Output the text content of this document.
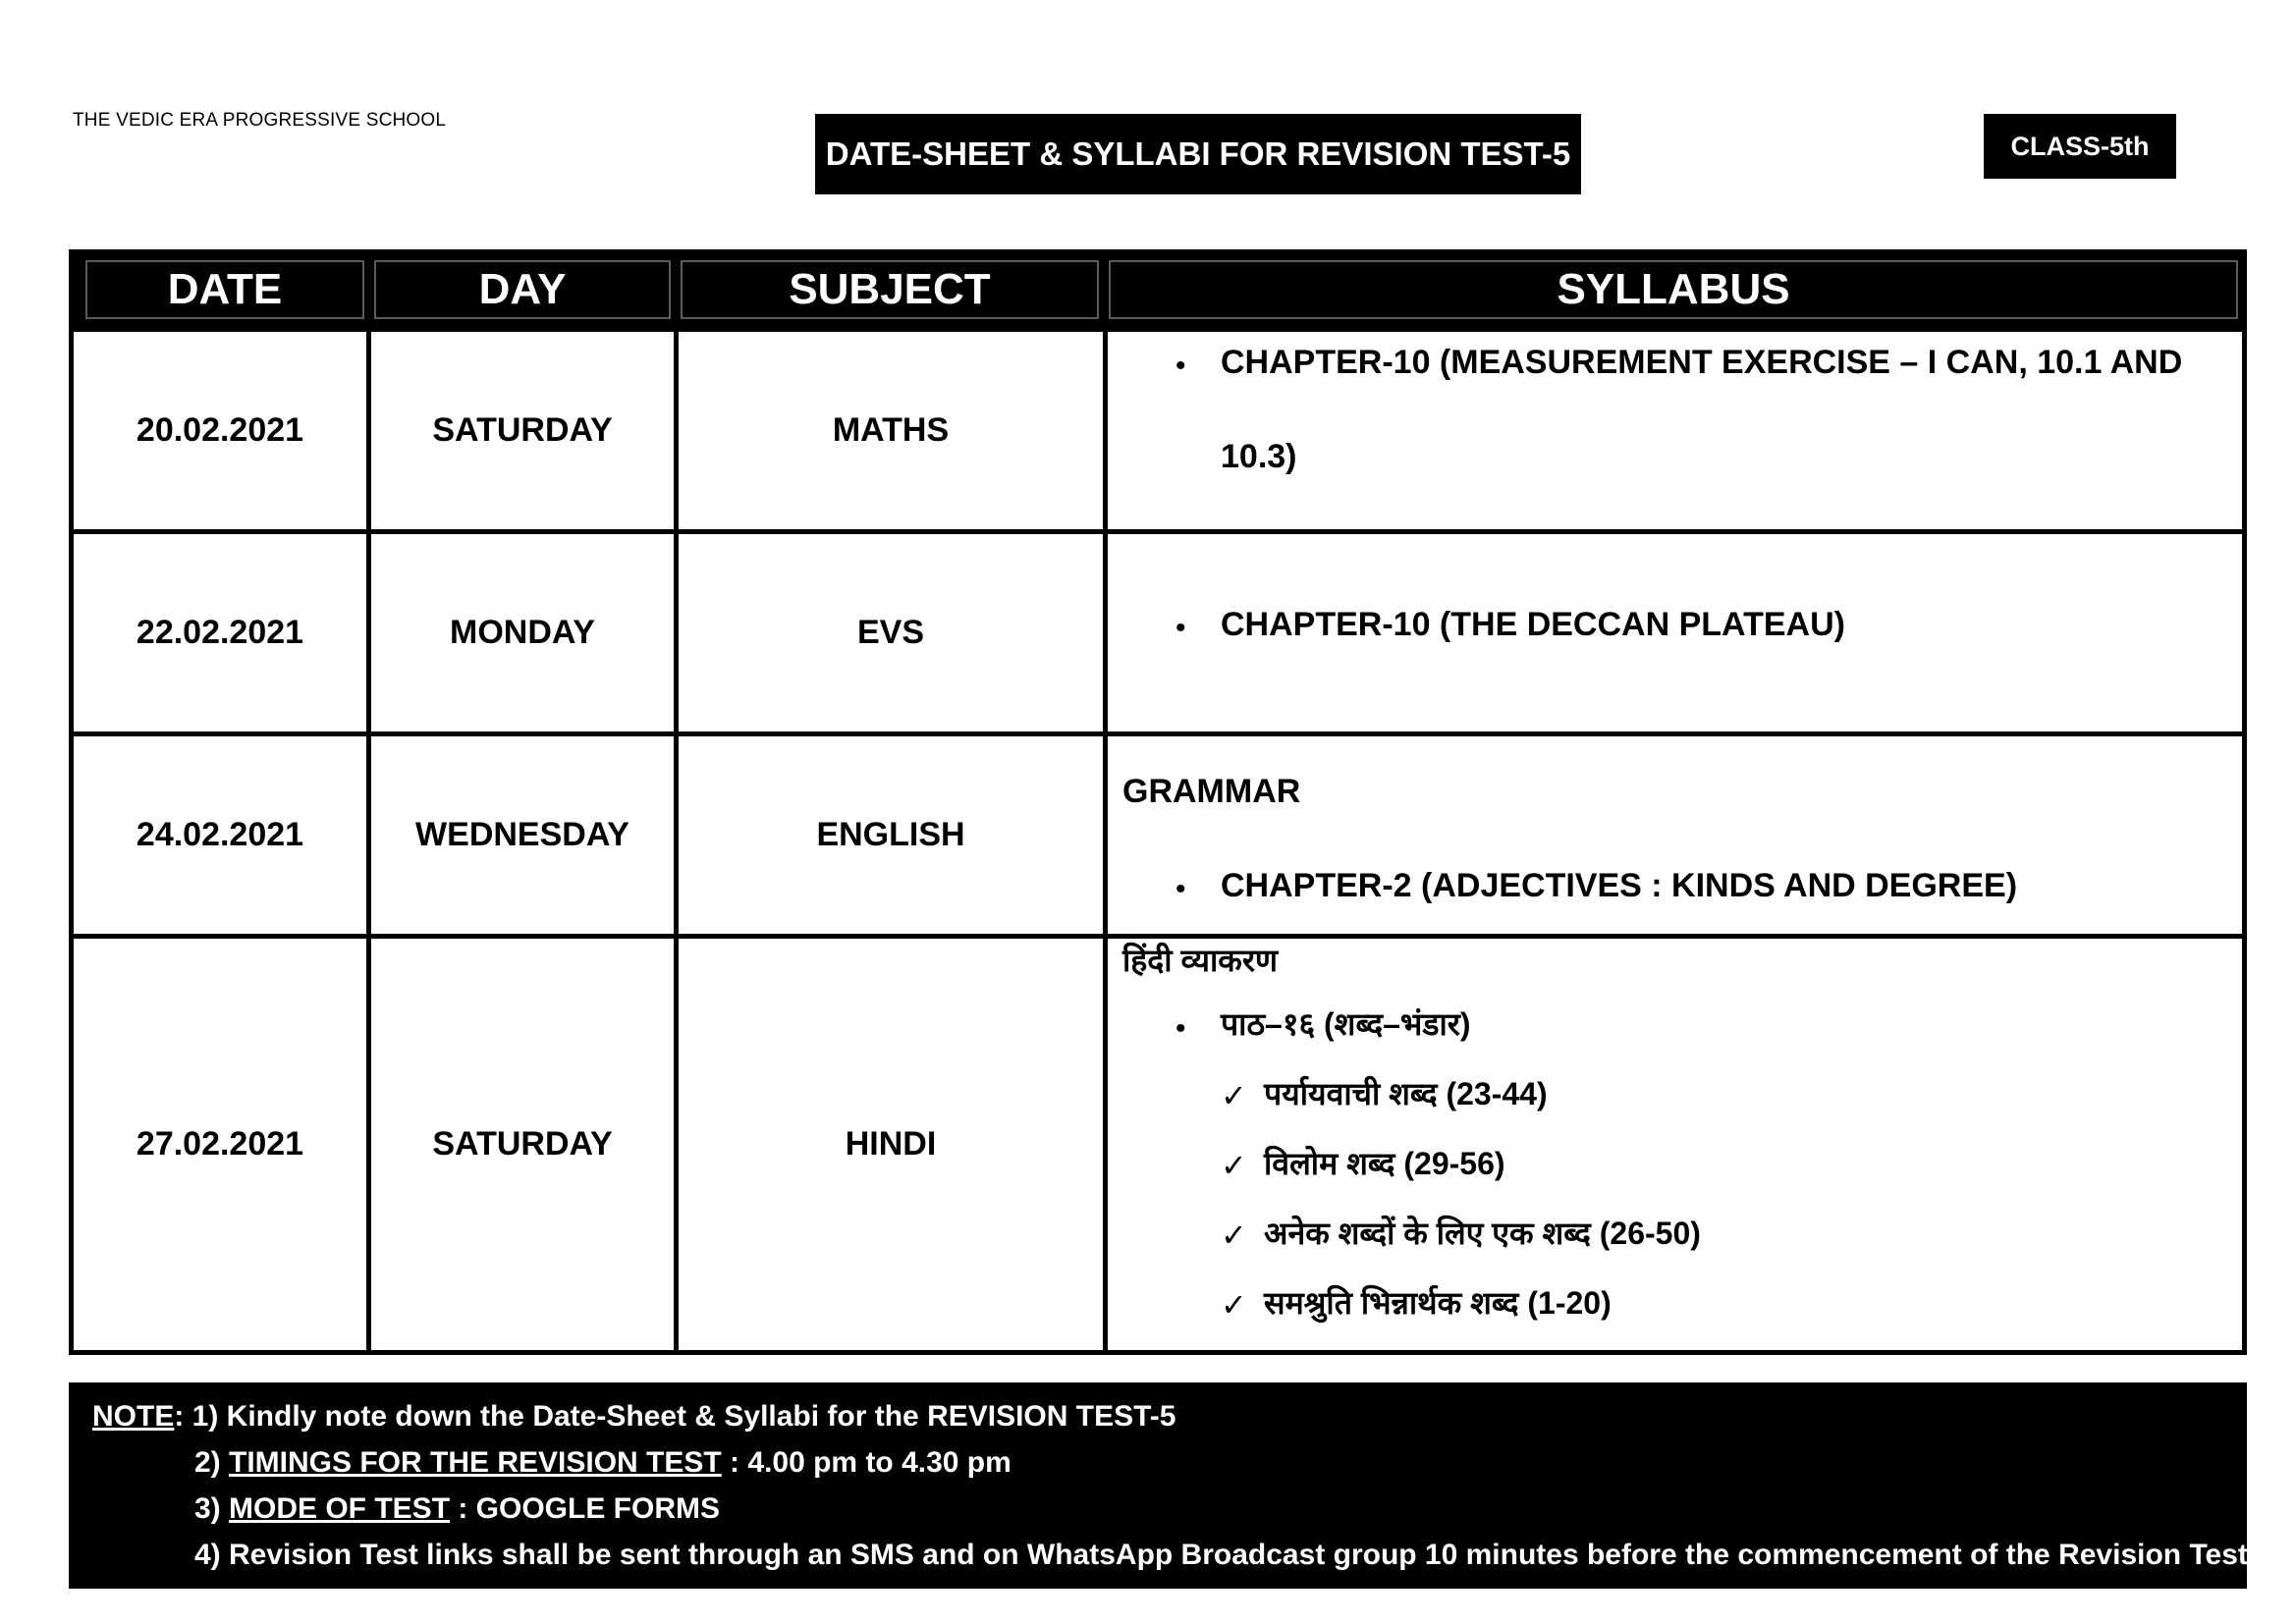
THE VEDIC ERA PROGRESSIVE SCHOOL
DATE-SHEET & SYLLABI FOR REVISION TEST-5	CLASS-5th
DATE	DAY	SUBJECT	SYLLABUS
20.02.2021	SATURDAY	MATHS
• CHAPTER-10 (MEASUREMENT EXERCISE – I CAN, 10.1 AND
10.3)
22.02.2021	MONDAY	EVS	• CHAPTER-10 (THE DECCAN PLATEAU)
24.02.2021	WEDNESDAY	ENGLISH
GRAMMAR
• CHAPTER-2 (ADJECTIVES : KINDS AND DEGREE)
27.02.2021	SATURDAY	HINDI
हिंदी व्याकरण
• पाठ–१६ (शब्द–भंडार)
✓ पर्यायवाची शब्द (23-44)
✓ विलोम शब्द (29-56)
✓ अनेक शब्दों के लिए एक शब्द (26-50)
✓ समश्रुति भिन्नार्थक शब्द (1-20)
NOTE: 1) Kindly note down the Date-Sheet & Syllabi for the REVISION TEST-5
2) TIMINGS FOR THE REVISION TEST : 4.00 pm to 4.30 pm
3) MODE OF TEST : GOOGLE FORMS
4) Revision Test links shall be sent through an SMS and on WhatsApp Broadcast group 10 minutes before the commencement of the Revision Test.
